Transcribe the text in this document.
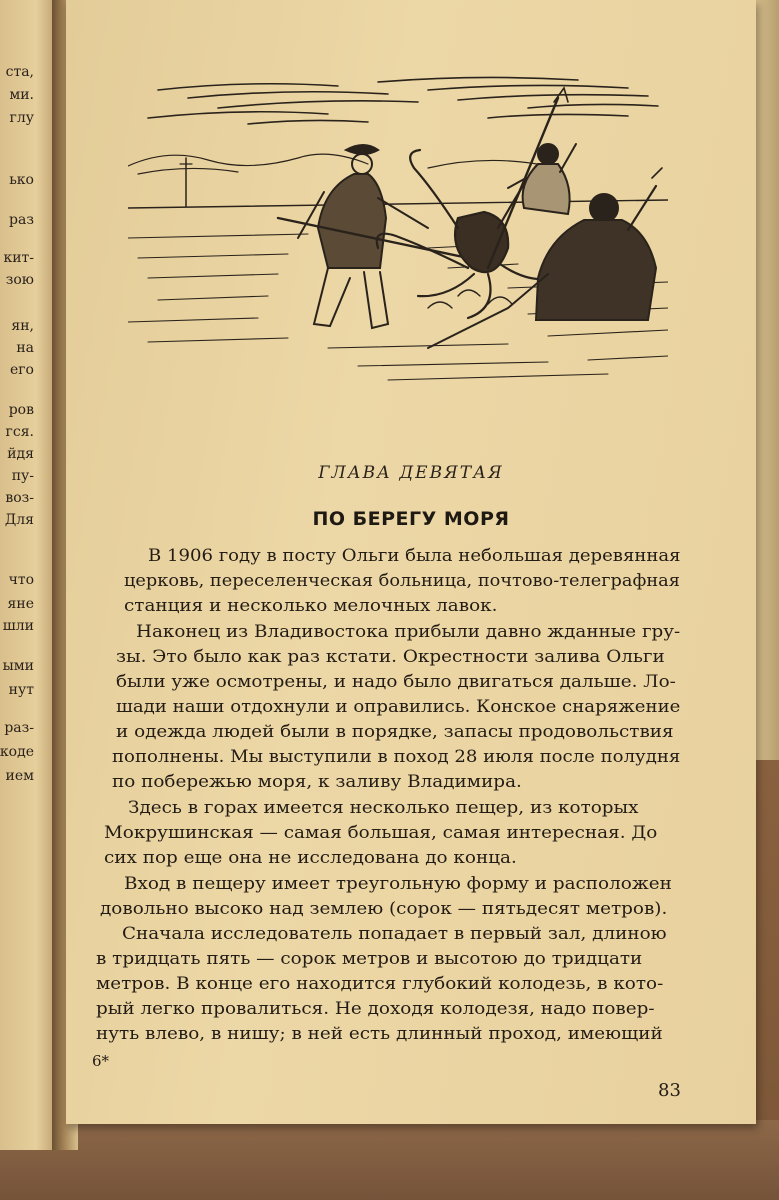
ста,
ми.
глу
ько
раз
кит-
зою
ян,
на
его
ров
гся.
йдя
пу-
воз-
Для
что
яне
шли
ыми
нут
раз-
коде
ием
ГЛАВА ДЕВЯТАЯ
ПО БЕРЕГУ МОРЯ
В 1906 году в посту Ольги была небольшая деревянная
церковь, переселенческая больница, почтово-телеграфная
станция и несколько мелочных лавок.
Наконец из Владивостока прибыли давно жданные гру-
зы. Это было как раз кстати. Окрестности залива Ольги
были уже осмотрены, и надо было двигаться дальше. Ло-
шади наши отдохнули и оправились. Конское снаряжение
и одежда людей были в порядке, запасы продовольствия
пополнены. Мы выступили в поход 28 июля после полудня
по побережью моря, к заливу Владимира.
Здесь в горах имеется несколько пещер, из которых
Мокрушинская — самая большая, самая интересная. До
сих пор еще она не исследована до конца.
Вход в пещеру имеет треугольную форму и расположен
довольно высоко над землею (сорок — пятьдесят метров).
Сначала исследователь попадает в первый зал, длиною
в тридцать пять — сорок метров и высотою до тридцати
метров. В конце его находится глубокий колодезь, в кото-
рый легко провалиться. Не доходя колодезя, надо повер-
нуть влево, в нишу; в ней есть длинный проход, имеющий
6*
83
